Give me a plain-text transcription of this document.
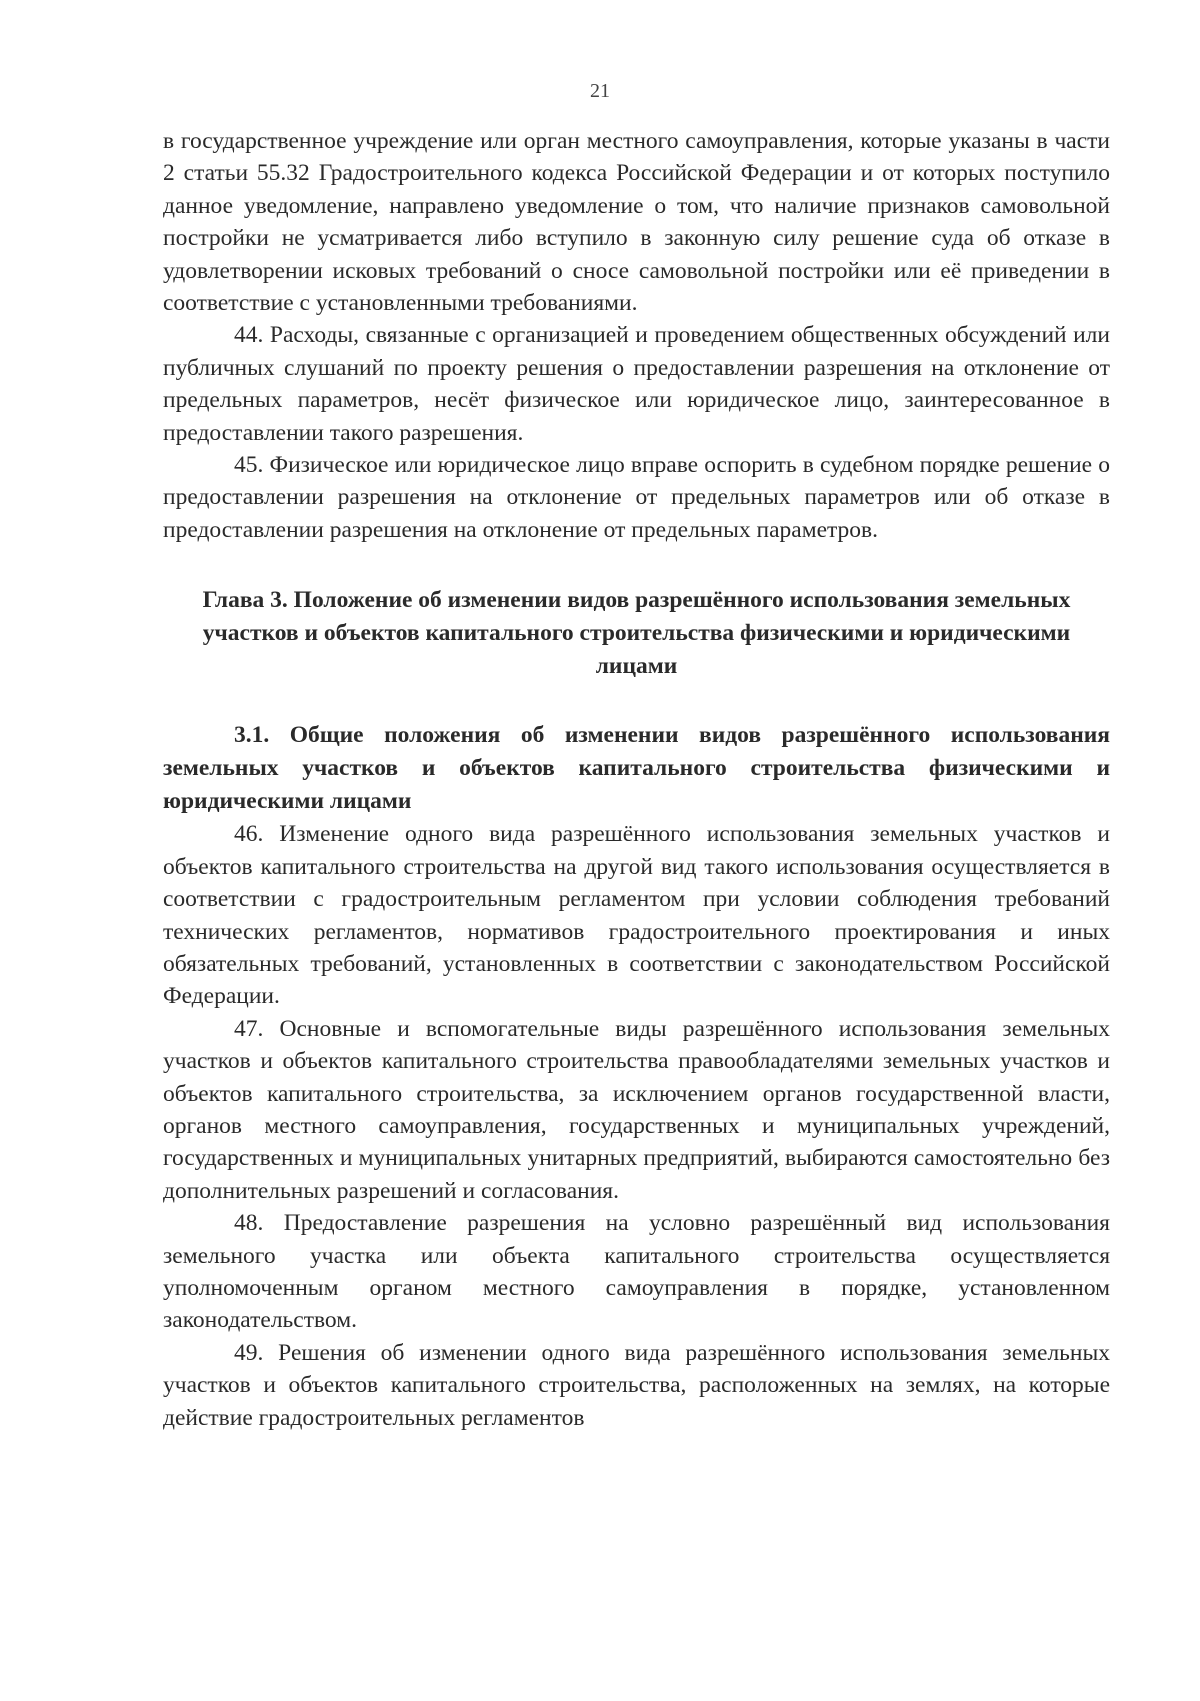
21

в государственное учреждение или орган местного самоуправления, которые указаны в части 2 статьи 55.32 Градостроительного кодекса Российской Федерации и от которых поступило данное уведомление, направлено уведомление о том, что наличие признаков самовольной постройки не усматривается либо вступило в законную силу решение суда об отказе в удовлетворении исковых требований о сносе самовольной постройки или её приведении в соответствие с установленными требованиями.

44. Расходы, связанные с организацией и проведением общественных обсуждений или публичных слушаний по проекту решения о предоставлении разрешения на отклонение от предельных параметров, несёт физическое или юридическое лицо, заинтересованное в предоставлении такого разрешения.

45. Физическое или юридическое лицо вправе оспорить в судебном порядке решение о предоставлении разрешения на отклонение от предельных параметров или об отказе в предоставлении разрешения на отклонение от предельных параметров.

Глава 3. Положение об изменении видов разрешённого использования земельных участков и объектов капитального строительства физическими и юридическими лицами
3.1. Общие положения об изменении видов разрешённого использования земельных участков и объектов капитального строительства физическими и юридическими лицами

46. Изменение одного вида разрешённого использования земельных участков и объектов капитального строительства на другой вид такого использования осуществляется в соответствии с градостроительным регламентом при условии соблюдения требований технических регламентов, нормативов градостроительного проектирования и иных обязательных требований, установленных в соответствии с законодательством Российской Федерации.

47. Основные и вспомогательные виды разрешённого использования земельных участков и объектов капитального строительства правообладателями земельных участков и объектов капитального строительства, за исключением органов государственной власти, органов местного самоуправления, государственных и муниципальных учреждений, государственных и муниципальных унитарных предприятий, выбираются самостоятельно без дополнительных разрешений и согласования.

48. Предоставление разрешения на условно разрешённый вид использования земельного участка или объекта капитального строительства осуществляется уполномоченным органом местного самоуправления в порядке, установленном законодательством.

49. Решения об изменении одного вида разрешённого использования земельных участков и объектов капитального строительства, расположенных на землях, на которые действие градостроительных регламентов
